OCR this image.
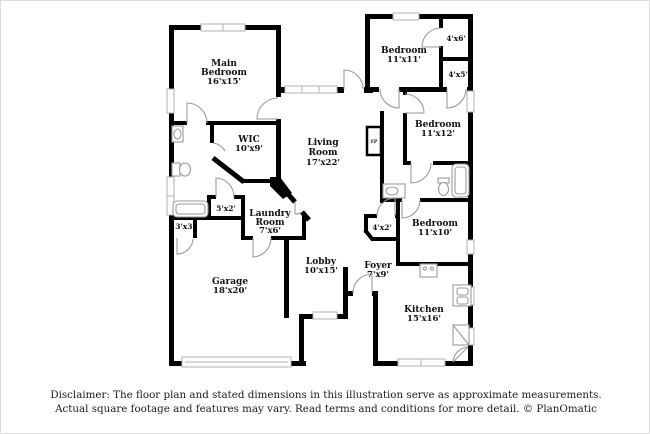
Main
Bedroom
16'x15'
WIC
10'x9'
Living
Room
17'x22'
Bedroom
11'x11'
4'x6'
4'x5'
Bedroom
11'x12'
Bedroom
11'x10'
Laundry
Room
7'x6'
5'x2'
3'x3'
Garage
18'x20'
Lobby
10'x15'	Foyer
7'x9'
4'x2'
Kitchen
15'x16'
FP
Disclaimer: The floor plan and stated dimensions in this illustration serve as approximate measurements.
Actual square footage and features may vary. Read terms and conditions for more detail. © PlanOmatic
